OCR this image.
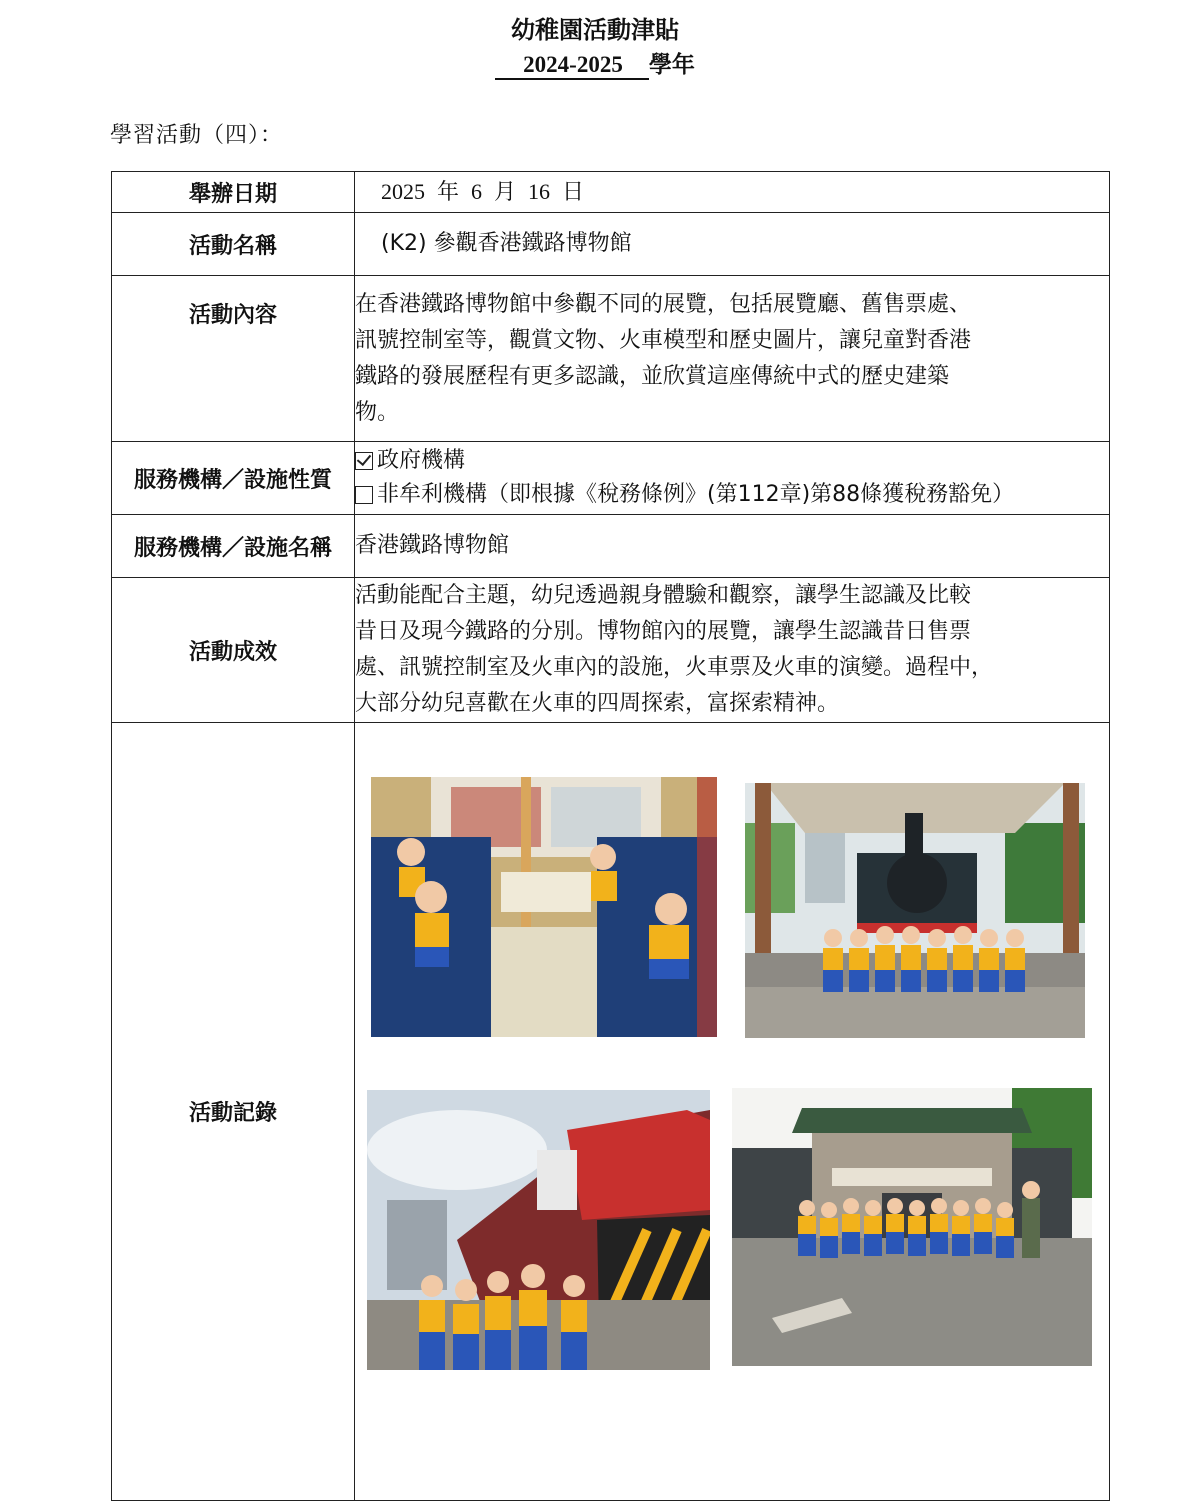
幼稚園活動津貼
2024-2025 學年
學習活動（四）：
舉辦日期	2025 年 6 月 16 日
活動名稱	(K2) 參觀香港鐵路博物館
活動內容	在香港鐵路博物館中參觀不同的展覽，包括展覽廳、舊售票處、
訊號控制室等，觀賞文物、火車模型和歷史圖片，讓兒童對香港
鐵路的發展歷程有更多認識，並欣賞這座傳統中式的歷史建築
物。

服務機構／設施性質	政府機構
非牟利機構（即根據《稅務條例》(第112章)第88條獲稅務豁免）

服務機構／設施名稱	香港鐵路博物館
活動成效	活動能配合主題，幼兒透過親身體驗和觀察，讓學生認識及比較
昔日及現今鐵路的分別。博物館內的展覽，讓學生認識昔日售票
處、訊號控制室及火車內的設施，火車票及火車的演變。過程中，
大部分幼兒喜歡在火車的四周探索，富探索精神。

活動記錄	
